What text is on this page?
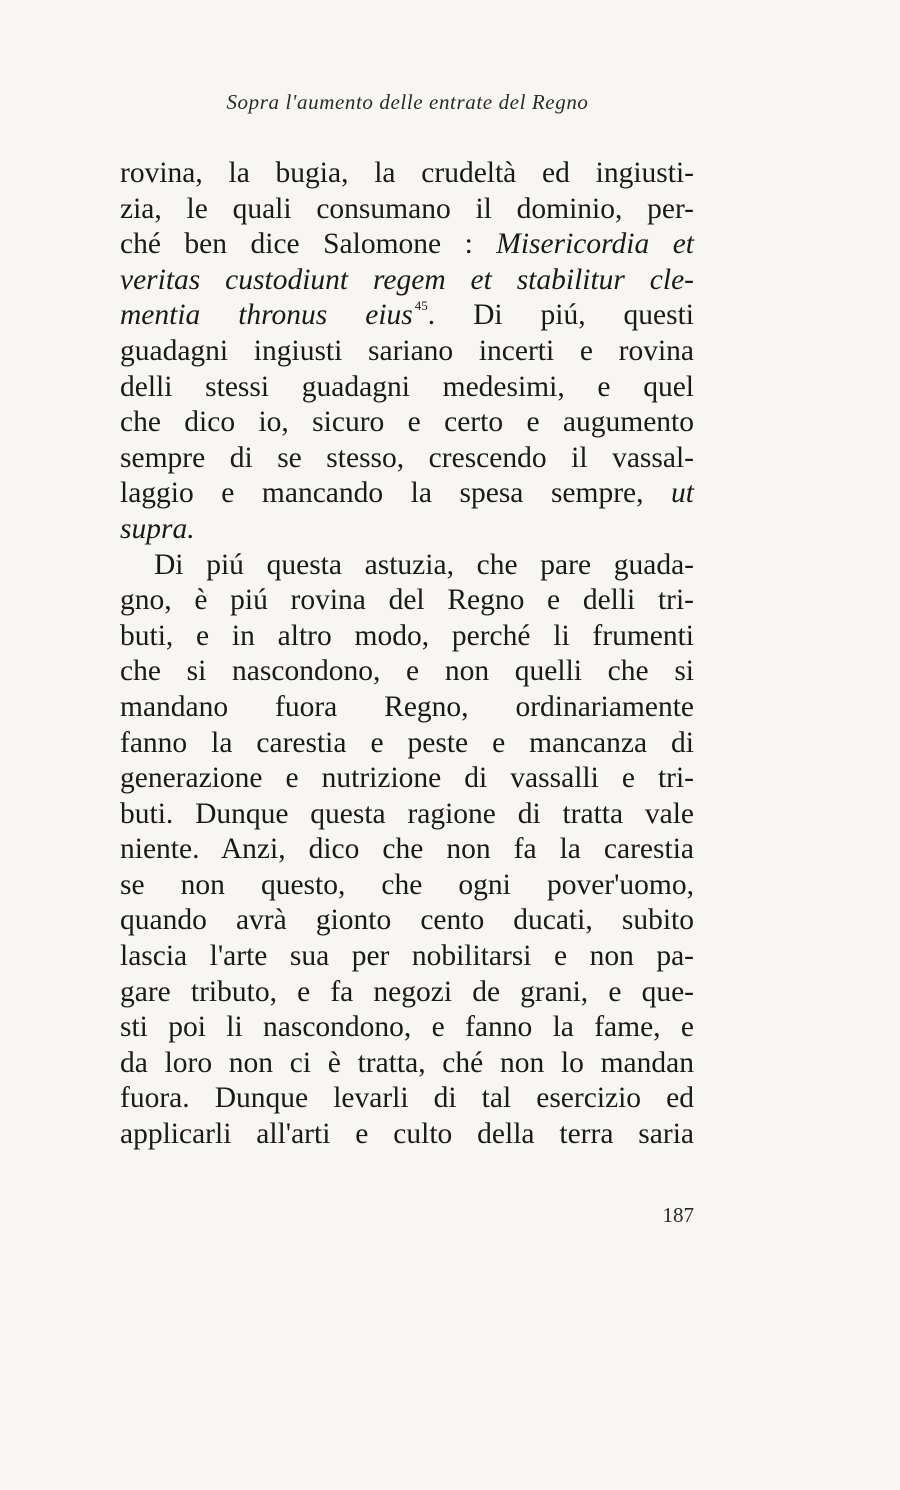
Sopra l'aumento delle entrate del Regno
rovina, la bugia, la crudeltà ed ingiusti-
zia, le quali consumano il dominio, per-
ché ben dice Salomone : Misericordia et
veritas custodiunt regem et stabilitur cle-
mentia thronus eius $^{45}$. Di piú, questi
guadagni ingiusti sariano incerti e rovina
delli stessi guadagni medesimi, e quel
che dico io, sicuro e certo e augumento
sempre di se stesso, crescendo il vassal-
laggio e mancando la spesa sempre, ut
supra.
Di piú questa astuzia, che pare guada-
gno, è piú rovina del Regno e delli tri-
buti, e in altro modo, perché li frumenti
che si nascondono, e non quelli che si
mandano fuora Regno, ordinariamente
fanno la carestia e peste e mancanza di
generazione e nutrizione di vassalli e tri-
buti. Dunque questa ragione di tratta vale
niente. Anzi, dico che non fa la carestia
se non questo, che ogni pover'uomo,
quando avrà gionto cento ducati, subito
lascia l'arte sua per nobilitarsi e non pa-
gare tributo, e fa negozi de grani, e que-
sti poi li nascondono, e fanno la fame, e
da loro non ci è tratta, ché non lo mandan
fuora. Dunque levarli di tal esercizio ed
applicarli all'arti e culto della terra saria
187
